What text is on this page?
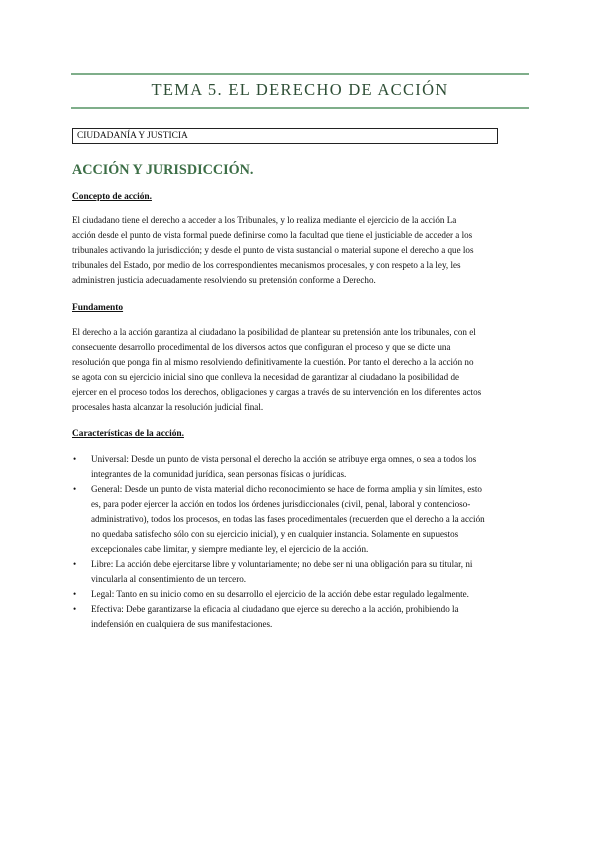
TEMA 5. EL DERECHO DE ACCIÓN
CIUDADANÍA Y JUSTICIA
ACCIÓN Y JURISDICCIÓN.
Concepto de acción.
El ciudadano tiene el derecho a acceder a los Tribunales, y lo realiza mediante el ejercicio de la acción La
acción desde el punto de vista formal puede definirse como la facultad que tiene el justiciable de acceder a los
tribunales activando la jurisdicción; y desde el punto de vista sustancial o material supone el derecho a que los
tribunales del Estado, por medio de los correspondientes mecanismos procesales, y con respeto a la ley, les
administren justicia adecuadamente resolviendo su pretensión conforme a Derecho.
Fundamento
El derecho a la acción garantiza al ciudadano la posibilidad de plantear su pretensión ante los tribunales, con el
consecuente desarrollo procedimental de los diversos actos que configuran el proceso y que se dicte una
resolución que ponga fin al mismo resolviendo definitivamente la cuestión. Por tanto el derecho a la acción no
se agota con su ejercicio inicial sino que conlleva la necesidad de garantizar al ciudadano la posibilidad de
ejercer en el proceso todos los derechos, obligaciones y cargas a través de su intervención en los diferentes actos
procesales hasta alcanzar la resolución judicial final.
Características de la acción.
• Universal: Desde un punto de vista personal el derecho la acción se atribuye erga omnes, o sea a todos los
integrantes de la comunidad jurídica, sean personas físicas o jurídicas.
• General: Desde un punto de vista material dicho reconocimiento se hace de forma amplia y sin límites, esto
es, para poder ejercer la acción en todos los órdenes jurisdiccionales (civil, penal, laboral y contencioso-
administrativo), todos los procesos, en todas las fases procedimentales (recuerden que el derecho a la acción
no quedaba satisfecho sólo con su ejercicio inicial), y en cualquier instancia. Solamente en supuestos
excepcionales cabe limitar, y siempre mediante ley, el ejercicio de la acción.
• Libre: La acción debe ejercitarse libre y voluntariamente; no debe ser ni una obligación para su titular, ni
vincularla al consentimiento de un tercero.
• Legal: Tanto en su inicio como en su desarrollo el ejercicio de la acción debe estar regulado legalmente.
• Efectiva: Debe garantizarse la eficacia al ciudadano que ejerce su derecho a la acción, prohibiendo la
indefensión en cualquiera de sus manifestaciones.
